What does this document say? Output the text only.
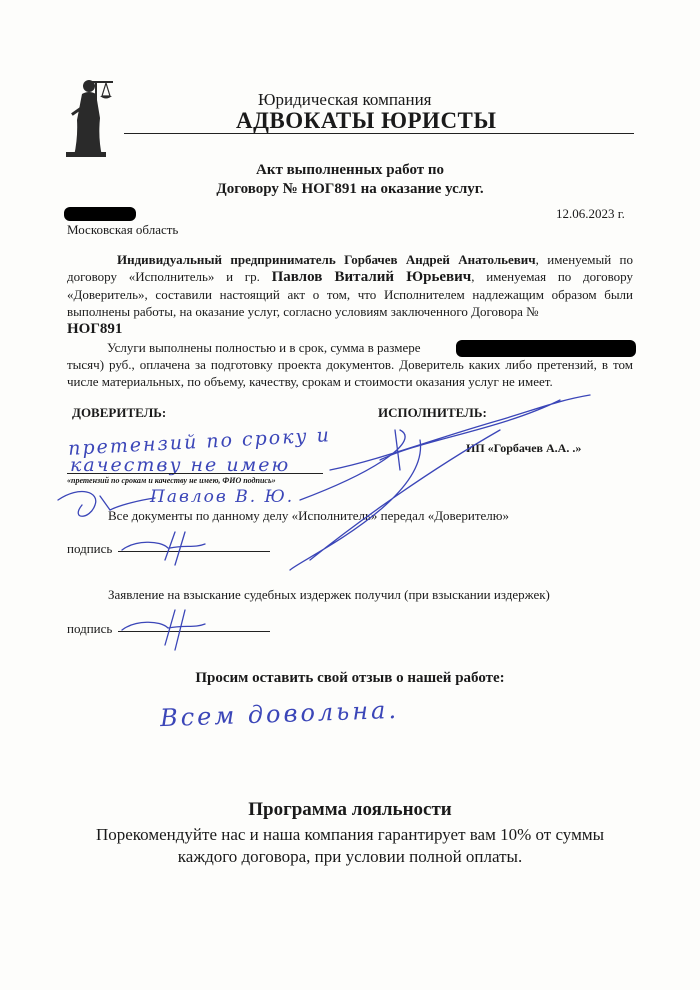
Юридическая компания
АДВОКАТЫ ЮРИСТЫ
Акт выполненных работ по
Договору № НОГ891 на оказание услуг.
12.06.2023 г.
Московская область
Индивидуальный предприниматель Горбачев Андрей Анатольевич, именуемый по договору «Исполнитель» и гр. Павлов Виталий Юрьевич, именуемая по договору «Доверитель», составили настоящий акт о том, что Исполнителем надлежащим образом были выполнены работы, на оказание услуг, согласно условиям заключенного Договора №
НОГ891
Услуги выполнены полностью и в срок, сумма в размере
тысяч) руб., оплачена за подготовку проекта документов. Доверитель каких либо претензий, в том числе материальных, по объему, качеству, срокам и стоимости оказания услуг не имеет.
ДОВЕРИТЕЛЬ:	ИСПОЛНИТЕЛЬ:
ИП «Горбачев А.А. .»
претензий по сроку и
качеству не имею
«претензий по срокам и качеству не имею, ФИО подпись»
Павлов В. Ю.
Все документы по данному делу «Исполнитель» передал «Доверителю»
подпись
Заявление на взыскание судебных издержек получил (при взыскании издержек)
подпись
Просим оставить свой отзыв о нашей работе:
Всем довольна.
Программа лояльности
Порекомендуйте нас и наша компания гарантирует вам 10% от суммы
каждого договора, при условии полной оплаты.
